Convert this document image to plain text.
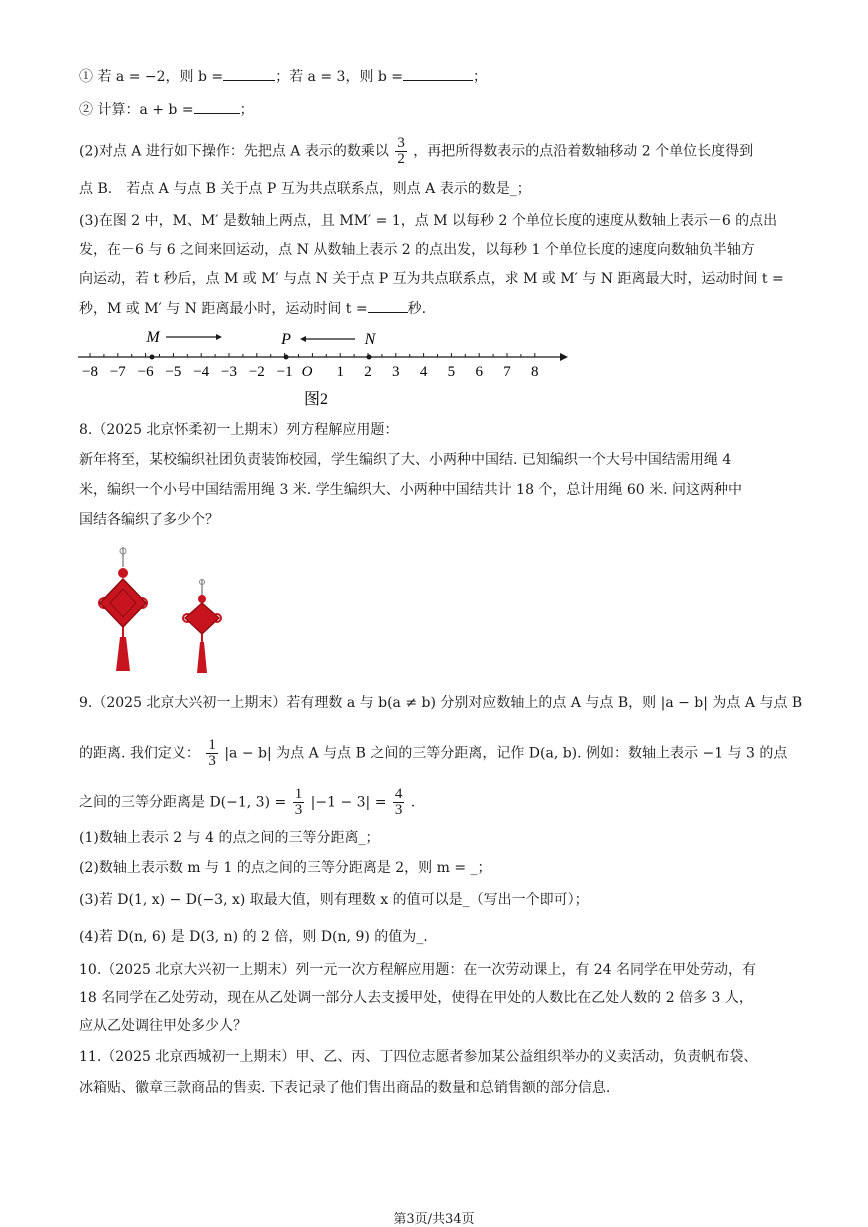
① 若 a = −2，则 b =	；若 a = 3，则 b =	；
② 计算：a + b =	；
(2)对点 A 进行如下操作：先把点 A 表示的数乘以 $\frac{3}{2}$ ，再把所得数表示的点沿着数轴移动 2 个单位长度得到
点 B.　若点 A 与点 B 关于点 P 互为共点联系点，则点 A 表示的数是_；
(3)在图 2 中，M、M′ 是数轴上两点，且 MM′ = 1，点 M 以每秒 2 个单位长度的速度从数轴上表示－6 的点出
发，在－6 与 6 之间来回运动，点 N 从数轴上表示 2 的点出发，以每秒 1 个单位长度的速度向数轴负半轴方
向运动，若 t 秒后，点 M 或 M′ 与点 N 关于点 P 互为共点联系点，求 M 或 M′ 与 N 距离最大时，运动时间 t =
秒，M 或 M′ 与 N 距离最小时，运动时间 t =	秒.
−8 −7 −6 −5 −4 −3 −2 −1	1 2 3 4 5 6 7 8
O
M	P	N
图2
8.（2025 北京怀柔初一上期末）列方程解应用题：
新年将至，某校编织社团负责装饰校园，学生编织了大、小两种中国结. 已知编织一个大号中国结需用绳 4
米，编织一个小号中国结需用绳 3 米. 学生编织大、小两种中国结共计 18 个，总计用绳 60 米. 问这两种中
国结各编织了多少个？
9.（2025 北京大兴初一上期末）若有理数 a 与 b(a ≠ b) 分别对应数轴上的点 A 与点 B，则 |a − b| 为点 A 与点 B
的距离. 我们定义： $\frac{1}{3} |a - b|$ 为点 A 与点 B 之间的三等分距离，记作 D(a, b). 例如：数轴上表示 −1 与 3 的点
之间的三等分距离是 D(−1, $3) = \frac{1}{3} |-1 - 3| = \frac{4}{3}$ .
(1)数轴上表示 2 与 4 的点之间的三等分距离_；
(2)数轴上表示数 m 与 1 的点之间的三等分距离是 2，则 m = _；
(3)若 D(1, x) − D(−3, x) 取最大值，则有理数 x 的值可以是_（写出一个即可）；
(4)若 D(n, 6) 是 D(3, n) 的 2 倍，则 D(n, 9) 的值为_.
10.（2025 北京大兴初一上期末）列一元一次方程解应用题：在一次劳动课上，有 24 名同学在甲处劳动，有
18 名同学在乙处劳动，现在从乙处调一部分人去支援甲处，使得在甲处的人数比在乙处人数的 2 倍多 3 人，
应从乙处调往甲处多少人？
11.（2025 北京西城初一上期末）甲、乙、丙、丁四位志愿者参加某公益组织举办的义卖活动，负责帆布袋、
冰箱贴、徽章三款商品的售卖. 下表记录了他们售出商品的数量和总销售额的部分信息.
第3页/共34页
